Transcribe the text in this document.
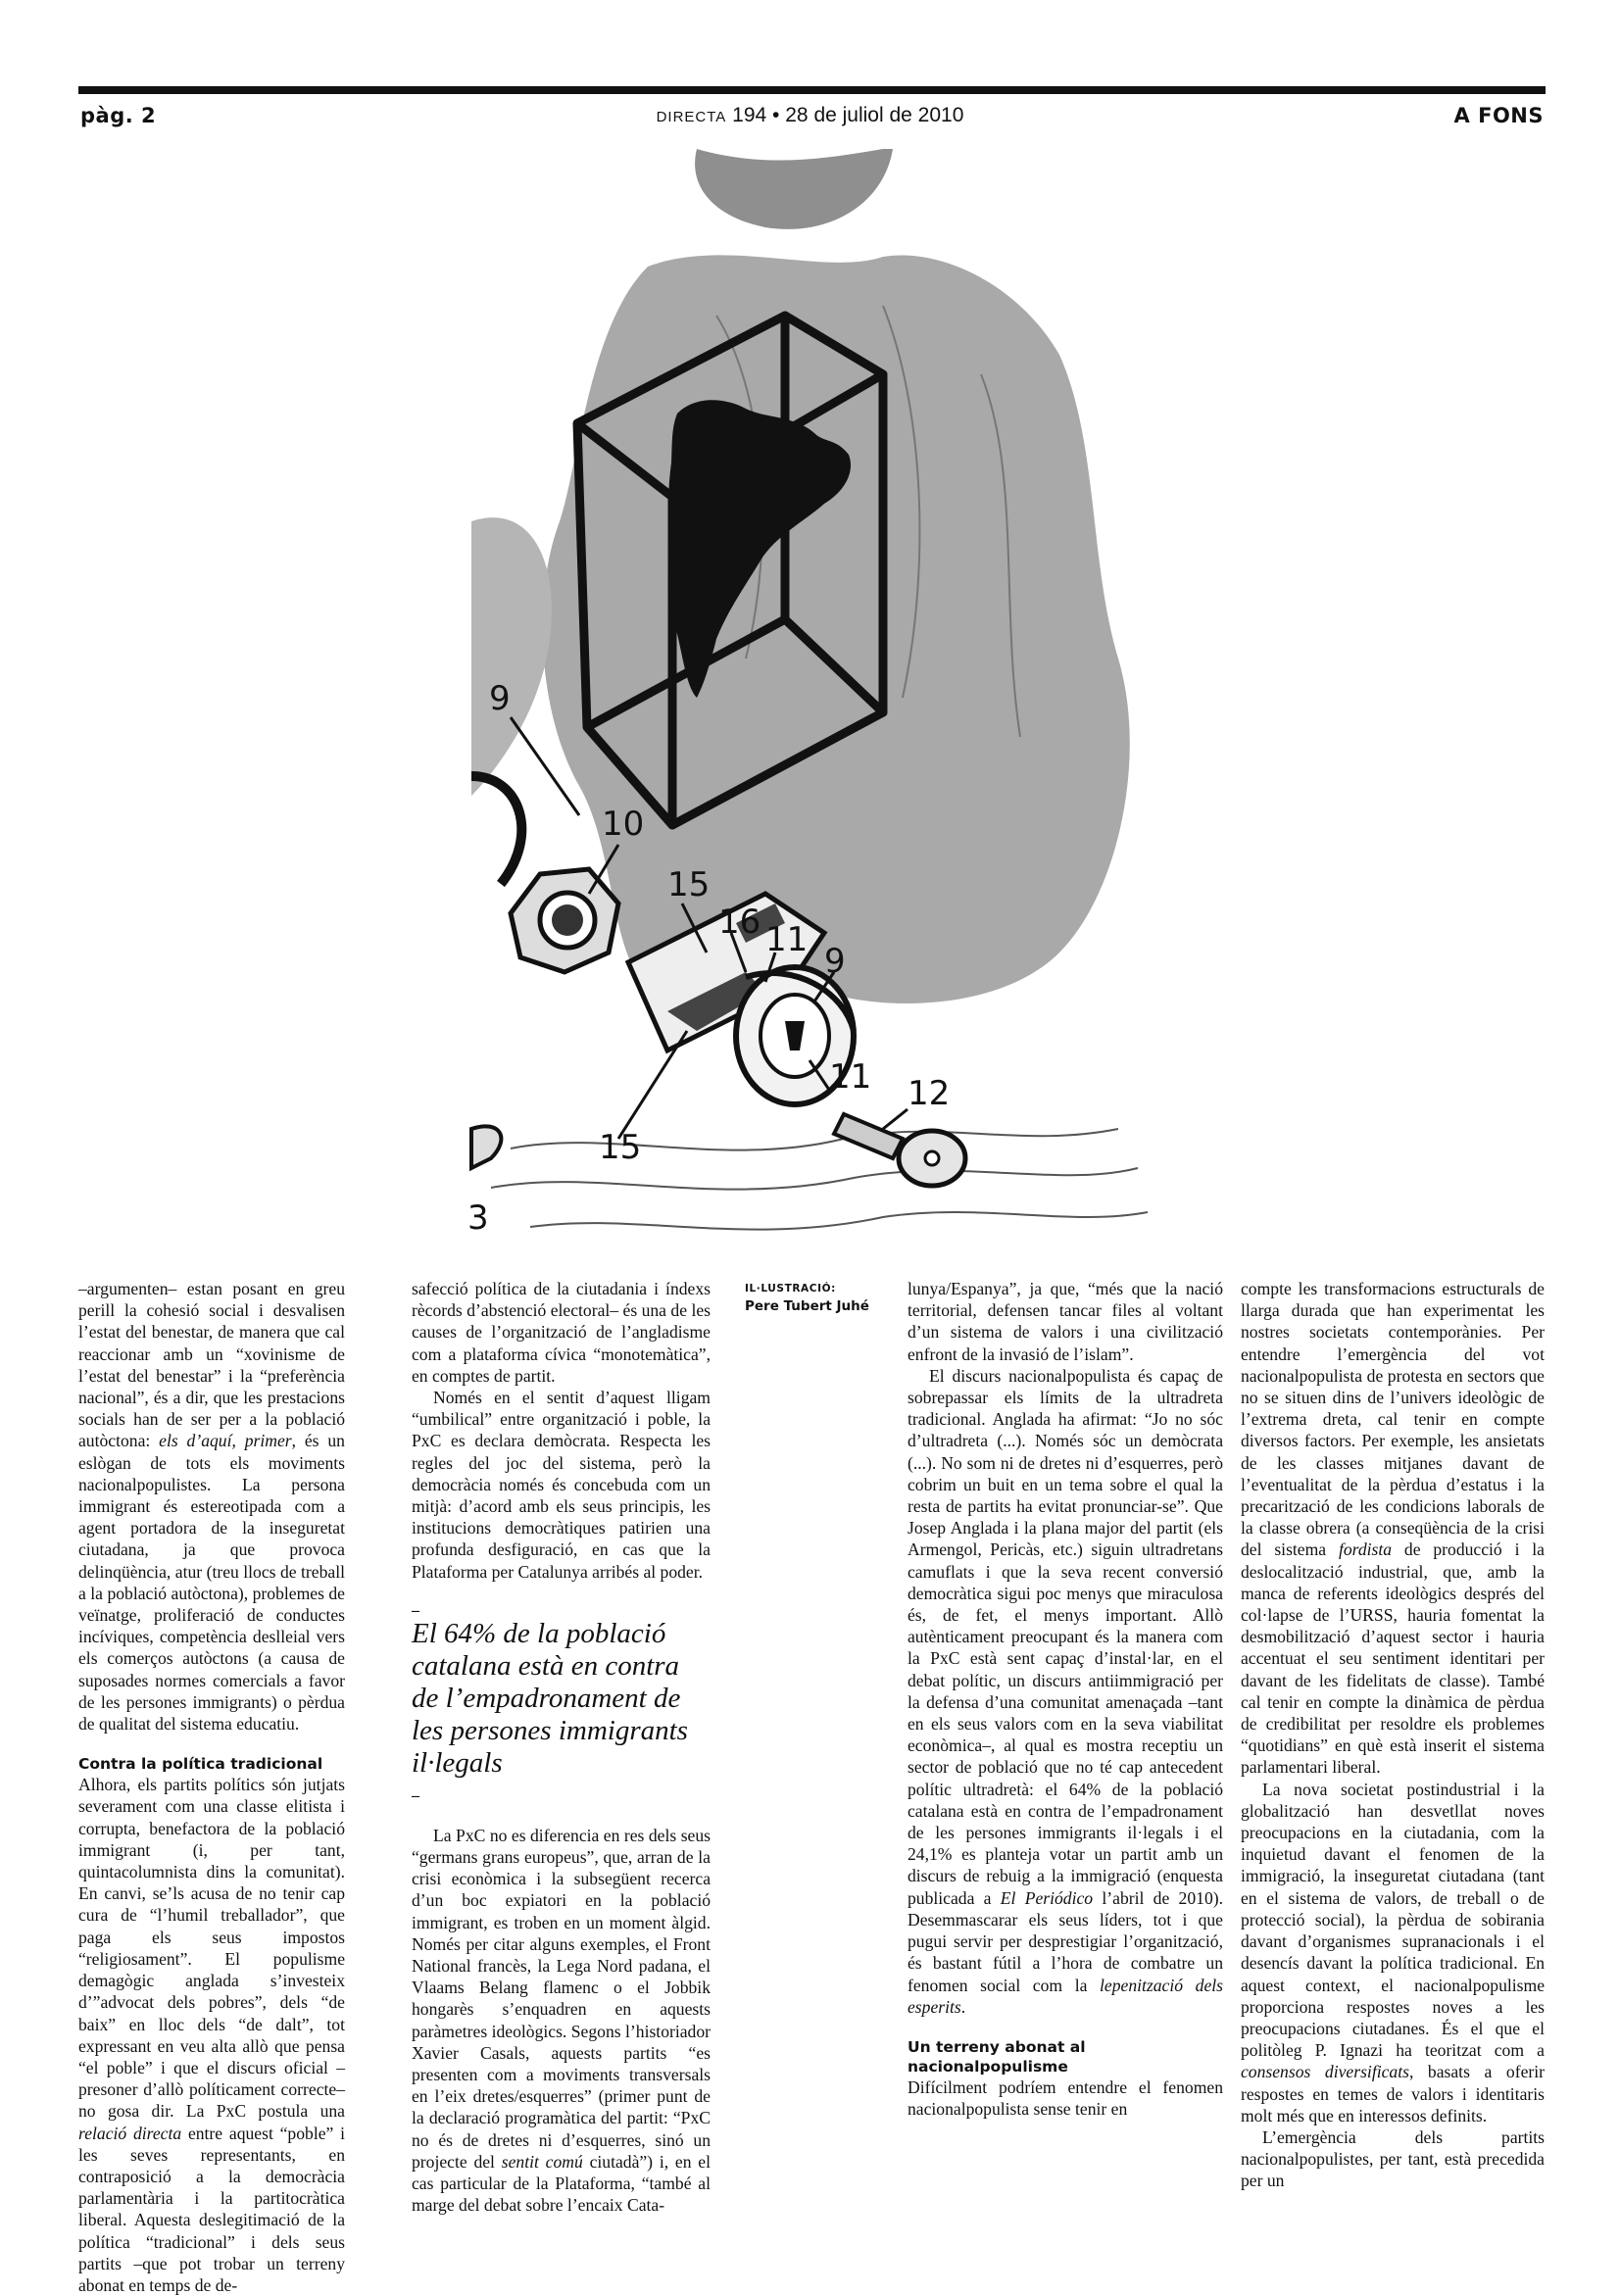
pàg. 2	DIRECTA 194 • 28 de juliol de 2010	A FONS
9
10
15
16 11
9
15
11 12
3

–argumenten– estan posant en greu perill la cohesió social i desvalisen l’estat del benestar, de manera que cal reaccionar amb un “xovinisme de l’estat del benestar” i la “preferència nacional”, és a dir, que les prestacions socials han de ser per a la població autòctona: els d’aquí, primer, és un eslògan de tots els moviments nacionalpopulistes. La persona immigrant és estereotipada com a agent portadora de la inseguretat ciutadana, ja que provoca delinqüència, atur (treu llocs de treball a la població autòctona), problemes de veïnatge, proliferació de conductes incíviques, competència deslleial vers els comerços autòctons (a causa de suposades normes comercials a favor de les persones immigrants) o pèrdua de qualitat del sistema educatiu.

Contra la política tradicional

Alhora, els partits polítics són jutjats severament com una classe elitista i corrupta, benefactora de la població immigrant (i, per tant, quintacolumnista dins la comunitat). En canvi, se’ls acusa de no tenir cap cura de “l’humil treballador”, que paga els seus impostos “religiosament”. El populisme demagògic anglada s’investeix d’”advocat dels pobres”, dels “de baix” en lloc dels “de dalt”, tot expressant en veu alta allò que pensa “el poble” i que el discurs oficial –presoner d’allò políticament correcte– no gosa dir. La PxC postula una relació directa entre aquest “poble” i les seves representants, en contraposició a la democràcia parlamentària i la partitocràtica liberal. Aquesta deslegitimació de la política “tradicional” i dels seus partits –que pot trobar un terreny abonat en temps de de-

safecció política de la ciutadania i índexs rècords d’abstenció electoral– és una de les causes de l’organització de l’angladisme com a plataforma cívica “monotemàtica”, en comptes de partit.

Només en el sentit d’aquest lligam “umbilical” entre organització i poble, la PxC es declara demòcrata. Respecta les regles del joc del sistema, però la democràcia només és concebuda com un mitjà: d’acord amb els seus principis, les institucions democràtiques patirien una profunda desfiguració, en cas que la Plataforma per Catalunya arribés al poder.

–
El 64% de la població catalana està en contra de l’empadronament de les persones immigrants il·legals
–

La PxC no es diferencia en res dels seus “germans grans europeus”, que, arran de la crisi econòmica i la subsegüent recerca d’un boc expiatori en la població immigrant, es troben en un moment àlgid. Només per citar alguns exemples, el Front National francès, la Lega Nord padana, el Vlaams Belang flamenc o el Jobbik hongarès s’enquadren en aquests paràmetres ideològics. Segons l’historiador Xavier Casals, aquests partits “es presenten com a moviments transversals en l’eix dretes/esquerres” (primer punt de la declaració programàtica del partit: “PxC no és de dretes ni d’esquerres, sinó un projecte del sentit comú ciutadà”) i, en el cas particular de la Plataforma, “també al marge del debat sobre l’encaix Cata-

IL·LUSTRACIÓ:
Pere Tubert Juhé

lunya/Espanya”, ja que, “més que la nació territorial, defensen tancar files al voltant d’un sistema de valors i una civilització enfront de la invasió de l’islam”.

El discurs nacionalpopulista és capaç de sobrepassar els límits de la ultradreta tradicional. Anglada ha afirmat: “Jo no sóc d’ultradreta (...). Només sóc un demòcrata (...). No som ni de dretes ni d’esquerres, però cobrim un buit en un tema sobre el qual la resta de partits ha evitat pronunciar-se”. Que Josep Anglada i la plana major del partit (els Armengol, Pericàs, etc.) siguin ultradretans camuflats i que la seva recent conversió democràtica sigui poc menys que miraculosa és, de fet, el menys important. Allò autènticament preocupant és la manera com la PxC està sent capaç d’instal·lar, en el debat polític, un discurs antiimmigració per la defensa d’una comunitat amenaçada –tant en els seus valors com en la seva viabilitat econòmica–, al qual es mostra receptiu un sector de població que no té cap antecedent polític ultradretà: el 64% de la població catalana està en contra de l’empadronament de les persones immigrants il·legals i el 24,1% es planteja votar un partit amb un discurs de rebuig a la immigració (enquesta publicada a El Periódico l’abril de 2010). Desemmascarar els seus líders, tot i que pugui servir per desprestigiar l’organització, és bastant fútil a l’hora de combatre un fenomen social com la lepenització dels esperits.

Un terreny abonat al nacionalpopulisme

Difícilment podríem entendre el fenomen nacionalpopulista sense tenir en

compte les transformacions estructurals de llarga durada que han experimentat les nostres societats contemporànies. Per entendre l’emergència del vot nacionalpopulista de protesta en sectors que no se situen dins de l’univers ideològic de l’extrema dreta, cal tenir en compte diversos factors. Per exemple, les ansietats de les classes mitjanes davant de l’eventualitat de la pèrdua d’estatus i la precarització de les condicions laborals de la classe obrera (a conseqüència de la crisi del sistema fordista de producció i la deslocalització industrial, que, amb la manca de referents ideològics després del col·lapse de l’URSS, hauria fomentat la desmobilització d’aquest sector i hauria accentuat el seu sentiment identitari per davant de les fidelitats de classe). També cal tenir en compte la dinàmica de pèrdua de credibilitat per resoldre els problemes “quotidians” en què està inserit el sistema parlamentari liberal.

La nova societat postindustrial i la globalització han desvetllat noves preocupacions en la ciutadania, com la inquietud davant el fenomen de la immigració, la inseguretat ciutadana (tant en el sistema de valors, de treball o de protecció social), la pèrdua de sobirania davant d’organismes supranacionals i el desencís davant la política tradicional. En aquest context, el nacionalpopulisme proporciona respostes noves a les preocupacions ciutadanes. És el que el politòleg P. Ignazi ha teoritzat com a consensos diversificats, basats a oferir respostes en temes de valors i identitaris molt més que en interessos definits.

L’emergència dels partits nacionalpopulistes, per tant, està precedida per un
